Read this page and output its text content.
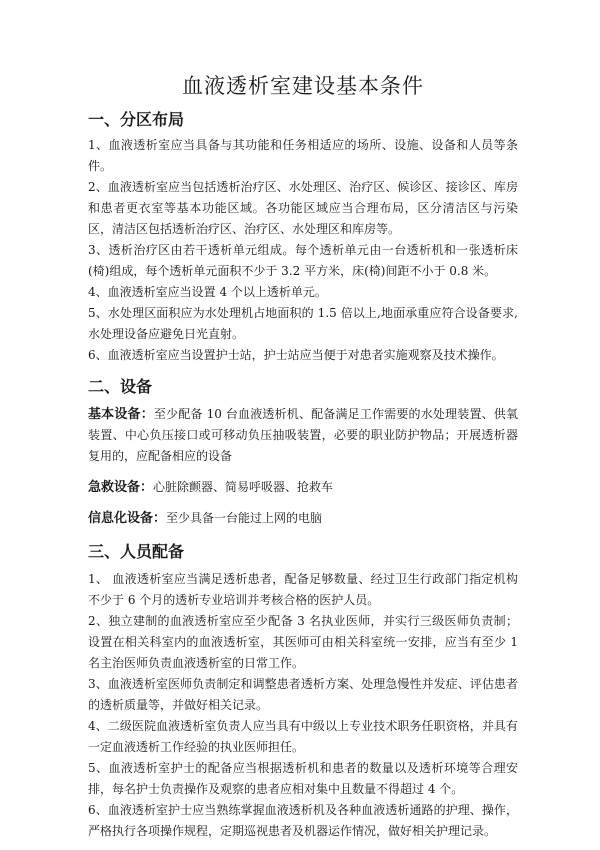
血液透析室建设基本条件
一、分区布局

1、血液透析室应当具备与其功能和任务相适应的场所、设施、设备和人员等条件。

2、血液透析室应当包括透析治疗区、水处理区、治疗区、候诊区、接诊区、库房和患者更衣室等基本功能区域。各功能区域应当合理布局，区分清洁区与污染区，清洁区包括透析治疗区、治疗区、水处理区和库房等。

3、透析治疗区由若干透析单元组成。每个透析单元由一台透析机和一张透析床(椅)组成，每个透析单元面积不少于 3.2 平方米，床(椅)间距不小于 0.8 米。

4、血液透析室应当设置 4 个以上透析单元。

5、水处理区面积应为水处理机占地面积的 1.5 倍以上,地面承重应符合设备要求,水处理设备应避免日光直射。

6、血液透析室应当设置护士站，护士站应当便于对患者实施观察及技术操作。

二、设备

基本设备：至少配备 10 台血液透析机、配备满足工作需要的水处理装置、供氧装置、中心负压接口或可移动负压抽吸装置，必要的职业防护物品；开展透析器复用的，应配备相应的设备

急救设备：心脏除颤器、简易呼吸器、抢救车

信息化设备：至少具备一台能过上网的电脑

三、人员配备

1、 血液透析室应当满足透析患者，配备足够数量、经过卫生行政部门指定机构不少于 6 个月的透析专业培训并考核合格的医护人员。

2、独立建制的血液透析室应至少配备 3 名执业医师，并实行三级医师负责制；设置在相关科室内的血液透析室，其医师可由相关科室统一安排，应当有至少 1 名主治医师负责血液透析室的日常工作。

3、血液透析室医师负责制定和调整患者透析方案、处理急慢性并发症、评估患者的透析质量等，并做好相关记录。

4、二级医院血液透析室负责人应当具有中级以上专业技术职务任职资格，并具有一定血液透析工作经验的执业医师担任。

5、血液透析室护士的配备应当根据透析机和患者的数量以及透析环境等合理安排，每名护士负责操作及观察的患者应相对集中且数量不得超过 4 个。

6、血液透析室护士应当熟练掌握血液透析机及各种血液透析通路的护理、操作，严格执行各项操作规程，定期巡视患者及机器运作情况，做好相关护理记录。
